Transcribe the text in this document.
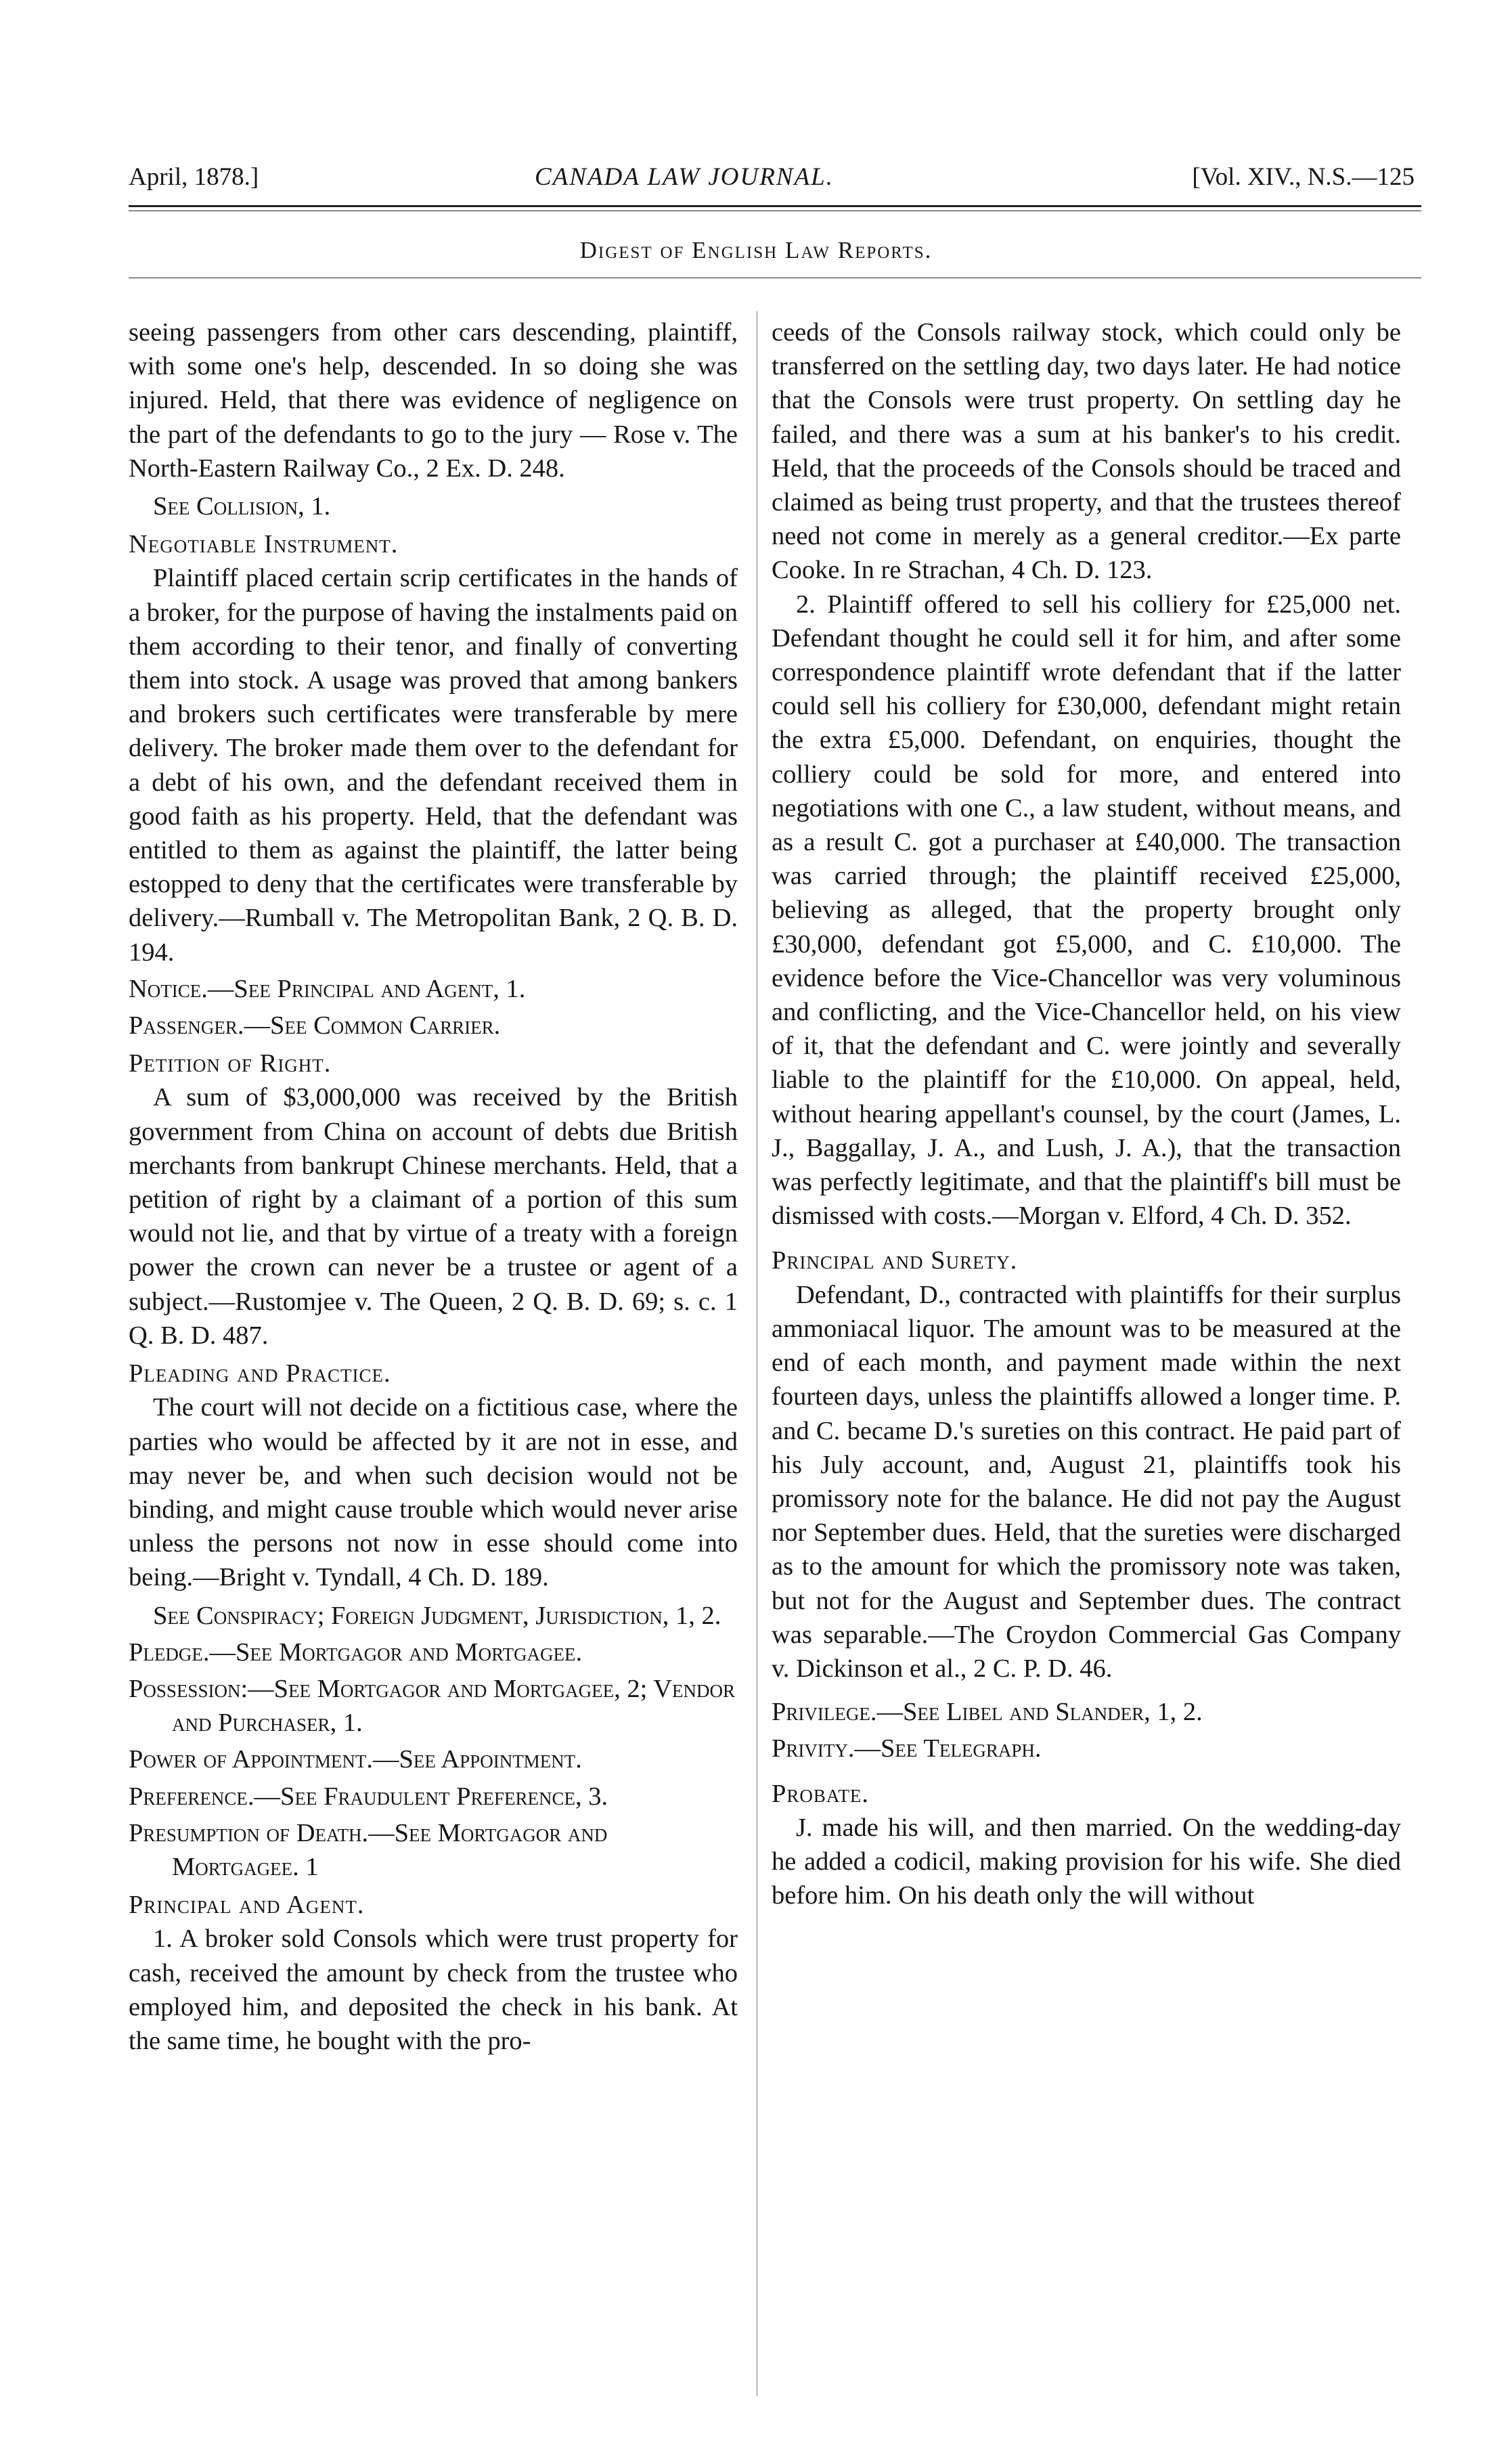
April, 1878.]	CANADA LAW JOURNAL.	[Vol. XIV., N.S.—125
Digest of English Law Reports.

seeing passengers from other cars descending, plaintiff, with some one's help, descended. In so doing she was injured. Held, that there was evidence of negligence on the part of the defendants to go to the jury — Rose v. The North-Eastern Railway Co., 2 Ex. D. 248.

See Collision, 1.

Negotiable Instrument.

Plaintiff placed certain scrip certificates in the hands of a broker, for the purpose of having the instalments paid on them according to their tenor, and finally of converting them into stock. A usage was proved that among bankers and brokers such certificates were transferable by mere delivery. The broker made them over to the defendant for a debt of his own, and the defendant received them in good faith as his property. Held, that the defendant was entitled to them as against the plaintiff, the latter being estopped to deny that the certificates were transferable by delivery.—Rumball v. The Metropolitan Bank, 2 Q. B. D. 194.

Notice.—See Principal and Agent, 1.

Passenger.—See Common Carrier.

Petition of Right.

A sum of $3,000,000 was received by the British government from China on account of debts due British merchants from bankrupt Chinese merchants. Held, that a petition of right by a claimant of a portion of this sum would not lie, and that by virtue of a treaty with a foreign power the crown can never be a trustee or agent of a subject.—Rustomjee v. The Queen, 2 Q. B. D. 69; s. c. 1 Q. B. D. 487.

Pleading and Practice.

The court will not decide on a fictitious case, where the parties who would be affected by it are not in esse, and may never be, and when such decision would not be binding, and might cause trouble which would never arise unless the persons not now in esse should come into being.—Bright v. Tyndall, 4 Ch. D. 189.

See Conspiracy; Foreign Judgment, Jurisdiction, 1, 2.

Pledge.—See Mortgagor and Mortgagee.

Possession:—See Mortgagor and Mortgagee, 2; Vendor and Purchaser, 1.

Power of Appointment.—See Appointment.

Preference.—See Fraudulent Preference, 3.

Presumption of Death.—See Mortgagor and Mortgagee. 1

Principal and Agent.

1. A broker sold Consols which were trust property for cash, received the amount by check from the trustee who employed him, and deposited the check in his bank. At the same time, he bought with the pro-

ceeds of the Consols railway stock, which could only be transferred on the settling day, two days later. He had notice that the Consols were trust property. On settling day he failed, and there was a sum at his banker's to his credit. Held, that the proceeds of the Consols should be traced and claimed as being trust property, and that the trustees thereof need not come in merely as a general creditor.—Ex parte Cooke. In re Strachan, 4 Ch. D. 123.

2. Plaintiff offered to sell his colliery for £25,000 net. Defendant thought he could sell it for him, and after some correspondence plaintiff wrote defendant that if the latter could sell his colliery for £30,000, defendant might retain the extra £5,000. Defendant, on enquiries, thought the colliery could be sold for more, and entered into negotiations with one C., a law student, without means, and as a result C. got a purchaser at £40,000. The transaction was carried through; the plaintiff received £25,000, believing as alleged, that the property brought only £30,000, defendant got £5,000, and C. £10,000. The evidence before the Vice-Chancellor was very voluminous and conflicting, and the Vice-Chancellor held, on his view of it, that the defendant and C. were jointly and severally liable to the plaintiff for the £10,000. On appeal, held, without hearing appellant's counsel, by the court (James, L. J., Baggallay, J. A., and Lush, J. A.), that the transaction was perfectly legitimate, and that the plaintiff's bill must be dismissed with costs.—Morgan v. Elford, 4 Ch. D. 352.

Principal and Surety.

Defendant, D., contracted with plaintiffs for their surplus ammoniacal liquor. The amount was to be measured at the end of each month, and payment made within the next fourteen days, unless the plaintiffs allowed a longer time. P. and C. became D.'s sureties on this contract. He paid part of his July account, and, August 21, plaintiffs took his promissory note for the balance. He did not pay the August nor September dues. Held, that the sureties were discharged as to the amount for which the promissory note was taken, but not for the August and September dues. The contract was separable.—The Croydon Commercial Gas Company v. Dickinson et al., 2 C. P. D. 46.

Privilege.—See Libel and Slander, 1, 2.

Privity.—See Telegraph.

Probate.

J. made his will, and then married. On the wedding-day he added a codicil, making provision for his wife. She died before him. On his death only the will without
